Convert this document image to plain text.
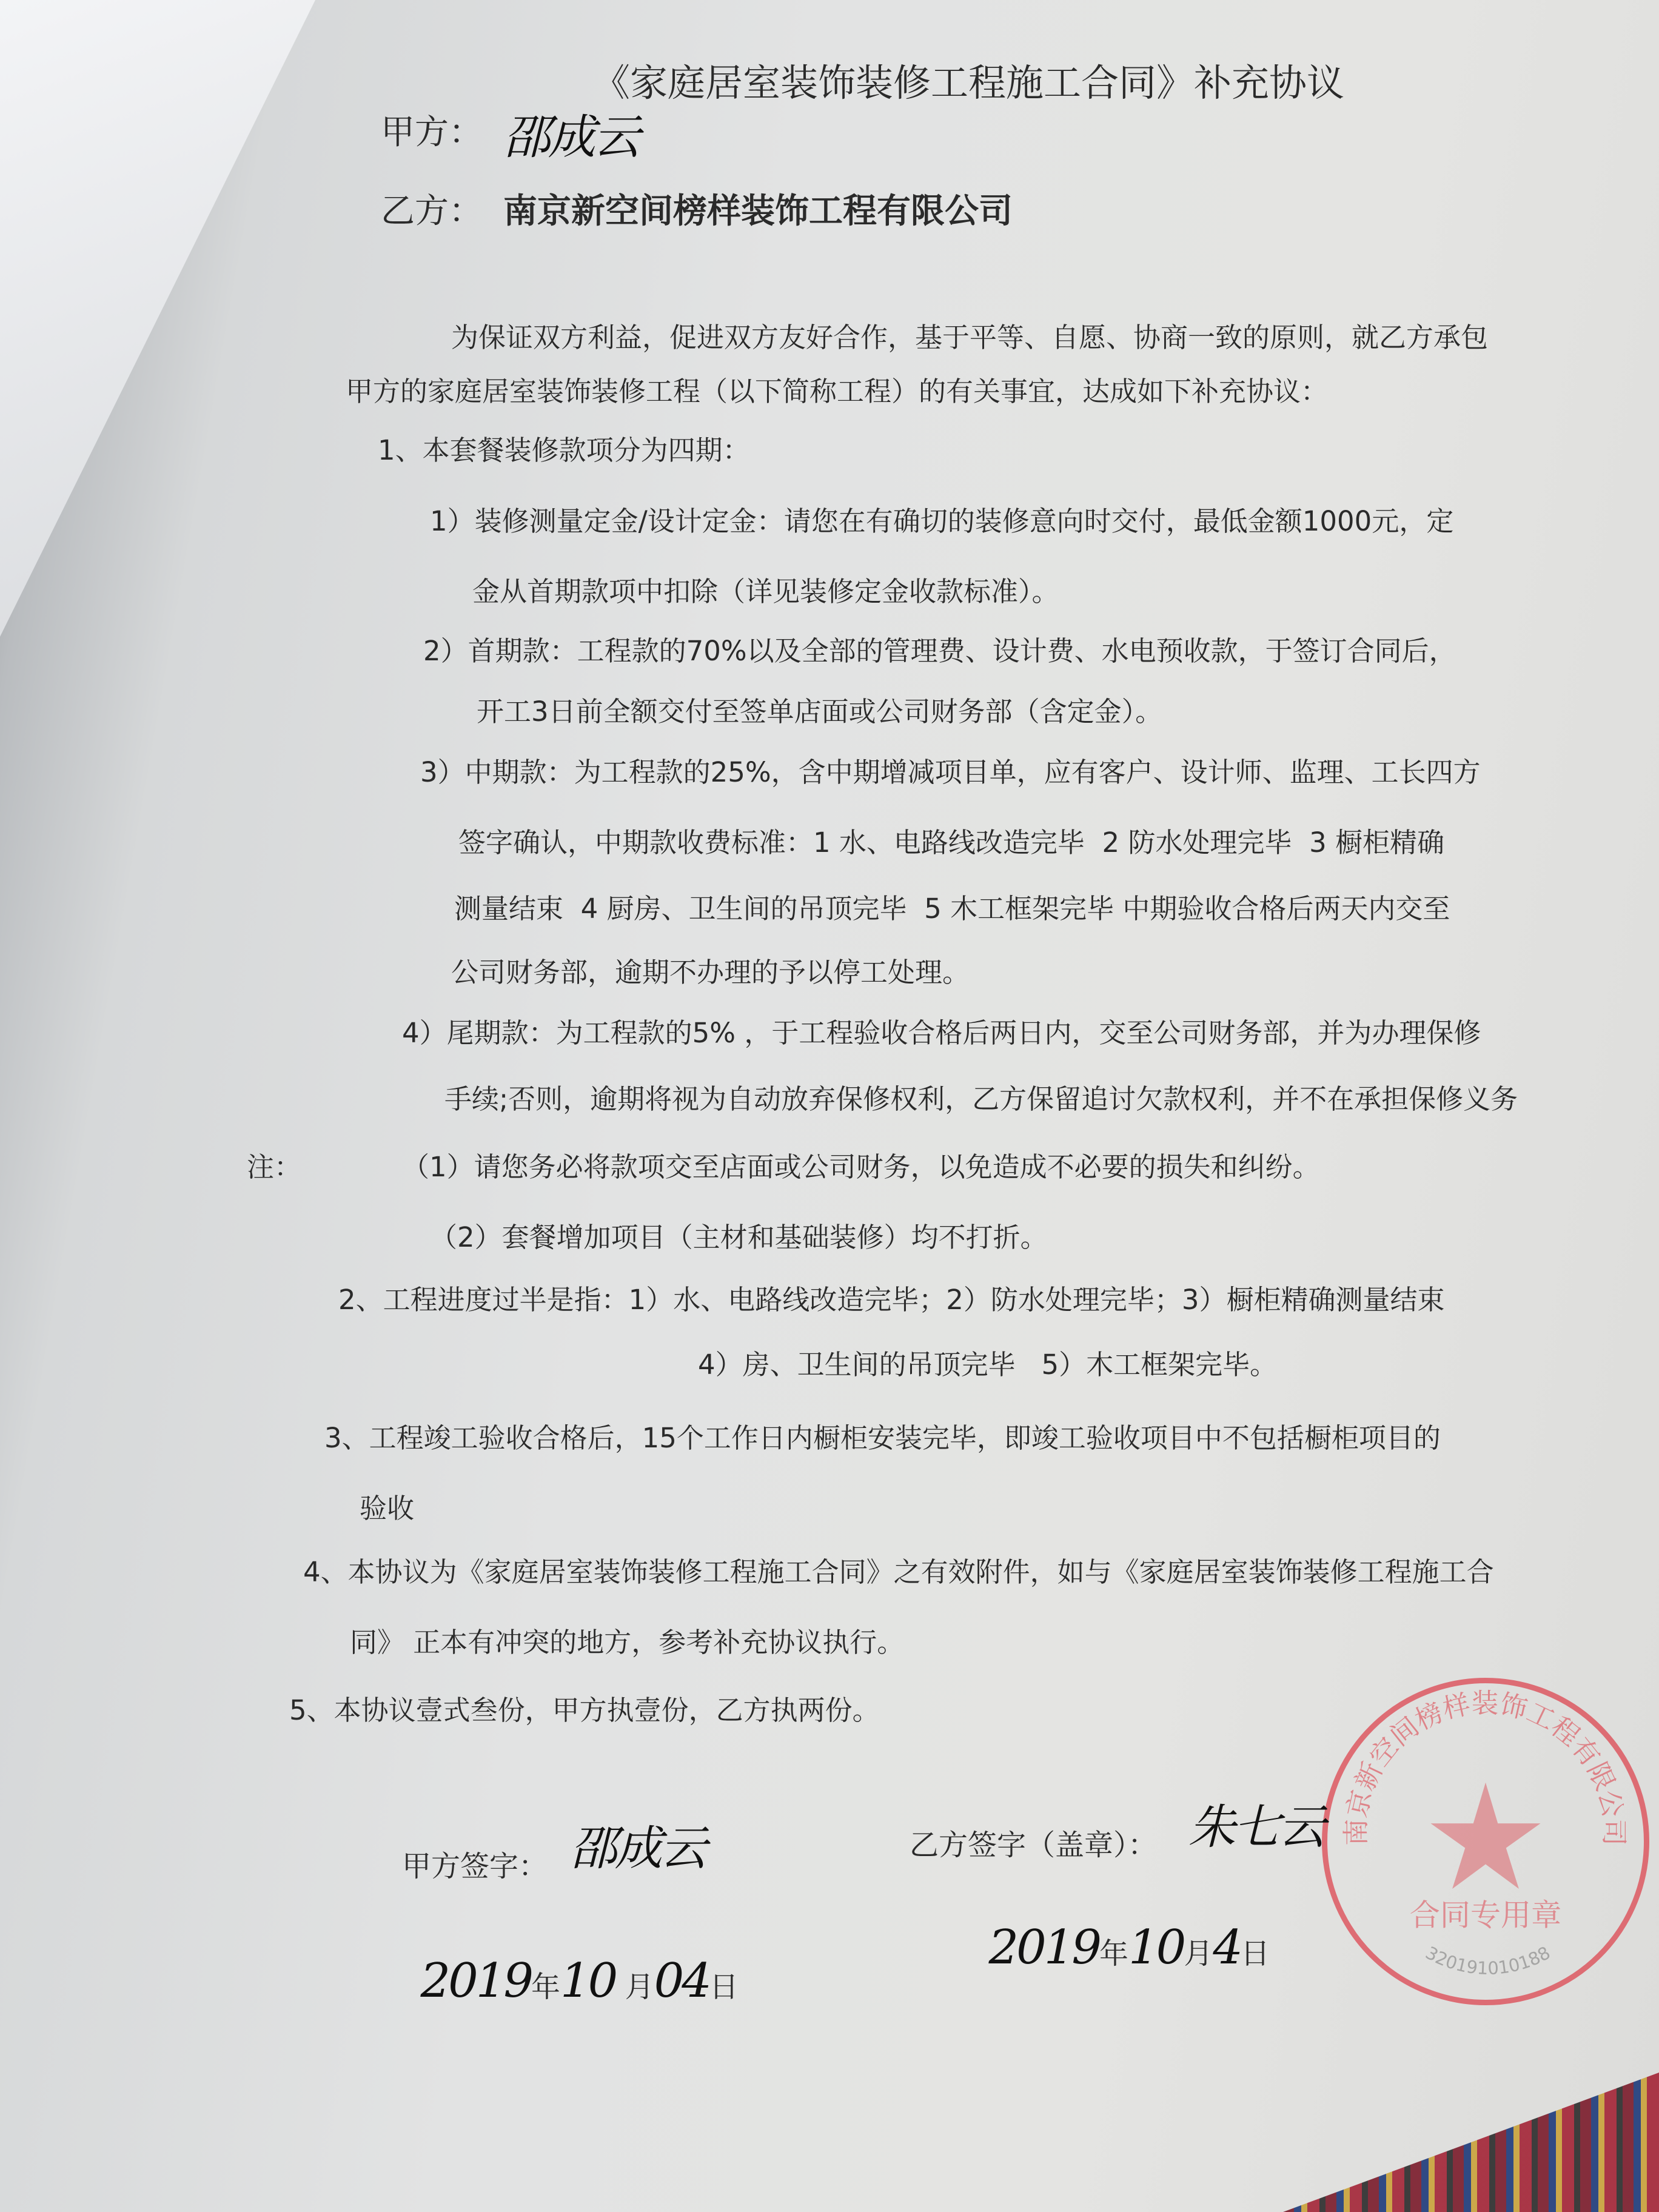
《家庭居室装饰装修工程施工合同》补充协议
甲方： 邵成云
乙方： 南京新空间榜样装饰工程有限公司
为保证双方利益，促进双方友好合作，基于平等、自愿、协商一致的原则，就乙方承包
甲方的家庭居室装饰装修工程（以下简称工程）的有关事宜，达成如下补充协议：
1、本套餐装修款项分为四期：
1）装修测量定金/设计定金：请您在有确切的装修意向时交付，最低金额1000元，定
金从首期款项中扣除（详见装修定金收款标准）。
2）首期款：工程款的70%以及全部的管理费、设计费、水电预收款，于签订合同后，
开工3日前全额交付至签单店面或公司财务部（含定金）。
3）中期款：为工程款的25%，含中期增减项目单，应有客户、设计师、监理、工长四方
签字确认，中期款收费标准：1 水、电路线改造完毕  2 防水处理完毕  3 橱柜精确
测量结束  4 厨房、卫生间的吊顶完毕  5 木工框架完毕 中期验收合格后两天内交至
公司财务部，逾期不办理的予以停工处理。
4）尾期款：为工程款的5% ，于工程验收合格后两日内，交至公司财务部，并为办理保修
手续;否则，逾期将视为自动放弃保修权利，乙方保留追讨欠款权利，并不在承担保修义务
注：	（1）请您务必将款项交至店面或公司财务，以免造成不必要的损失和纠纷。
（2）套餐增加项目（主材和基础装修）均不打折。
2、工程进度过半是指：1）水、电路线改造完毕；2）防水处理完毕；3）橱柜精确测量结束
4）房、卫生间的吊顶完毕   5）木工框架完毕。
3、工程竣工验收合格后，15个工作日内橱柜安装完毕，即竣工验收项目中不包括橱柜项目的
验收
4、本协议为《家庭居室装饰装修工程施工合同》之有效附件，如与《家庭居室装饰装修工程施工合
同》 正本有冲突的地方，参考补充协议执行。
5、本协议壹式叁份，甲方执壹份，乙方执两份。
南京新空间榜样装饰工程有限公司
合同专用章
320191010188
甲方签字： 邵成云

2019年10 月04日

乙方签字（盖章）： 朱七云

2019年10月4日
